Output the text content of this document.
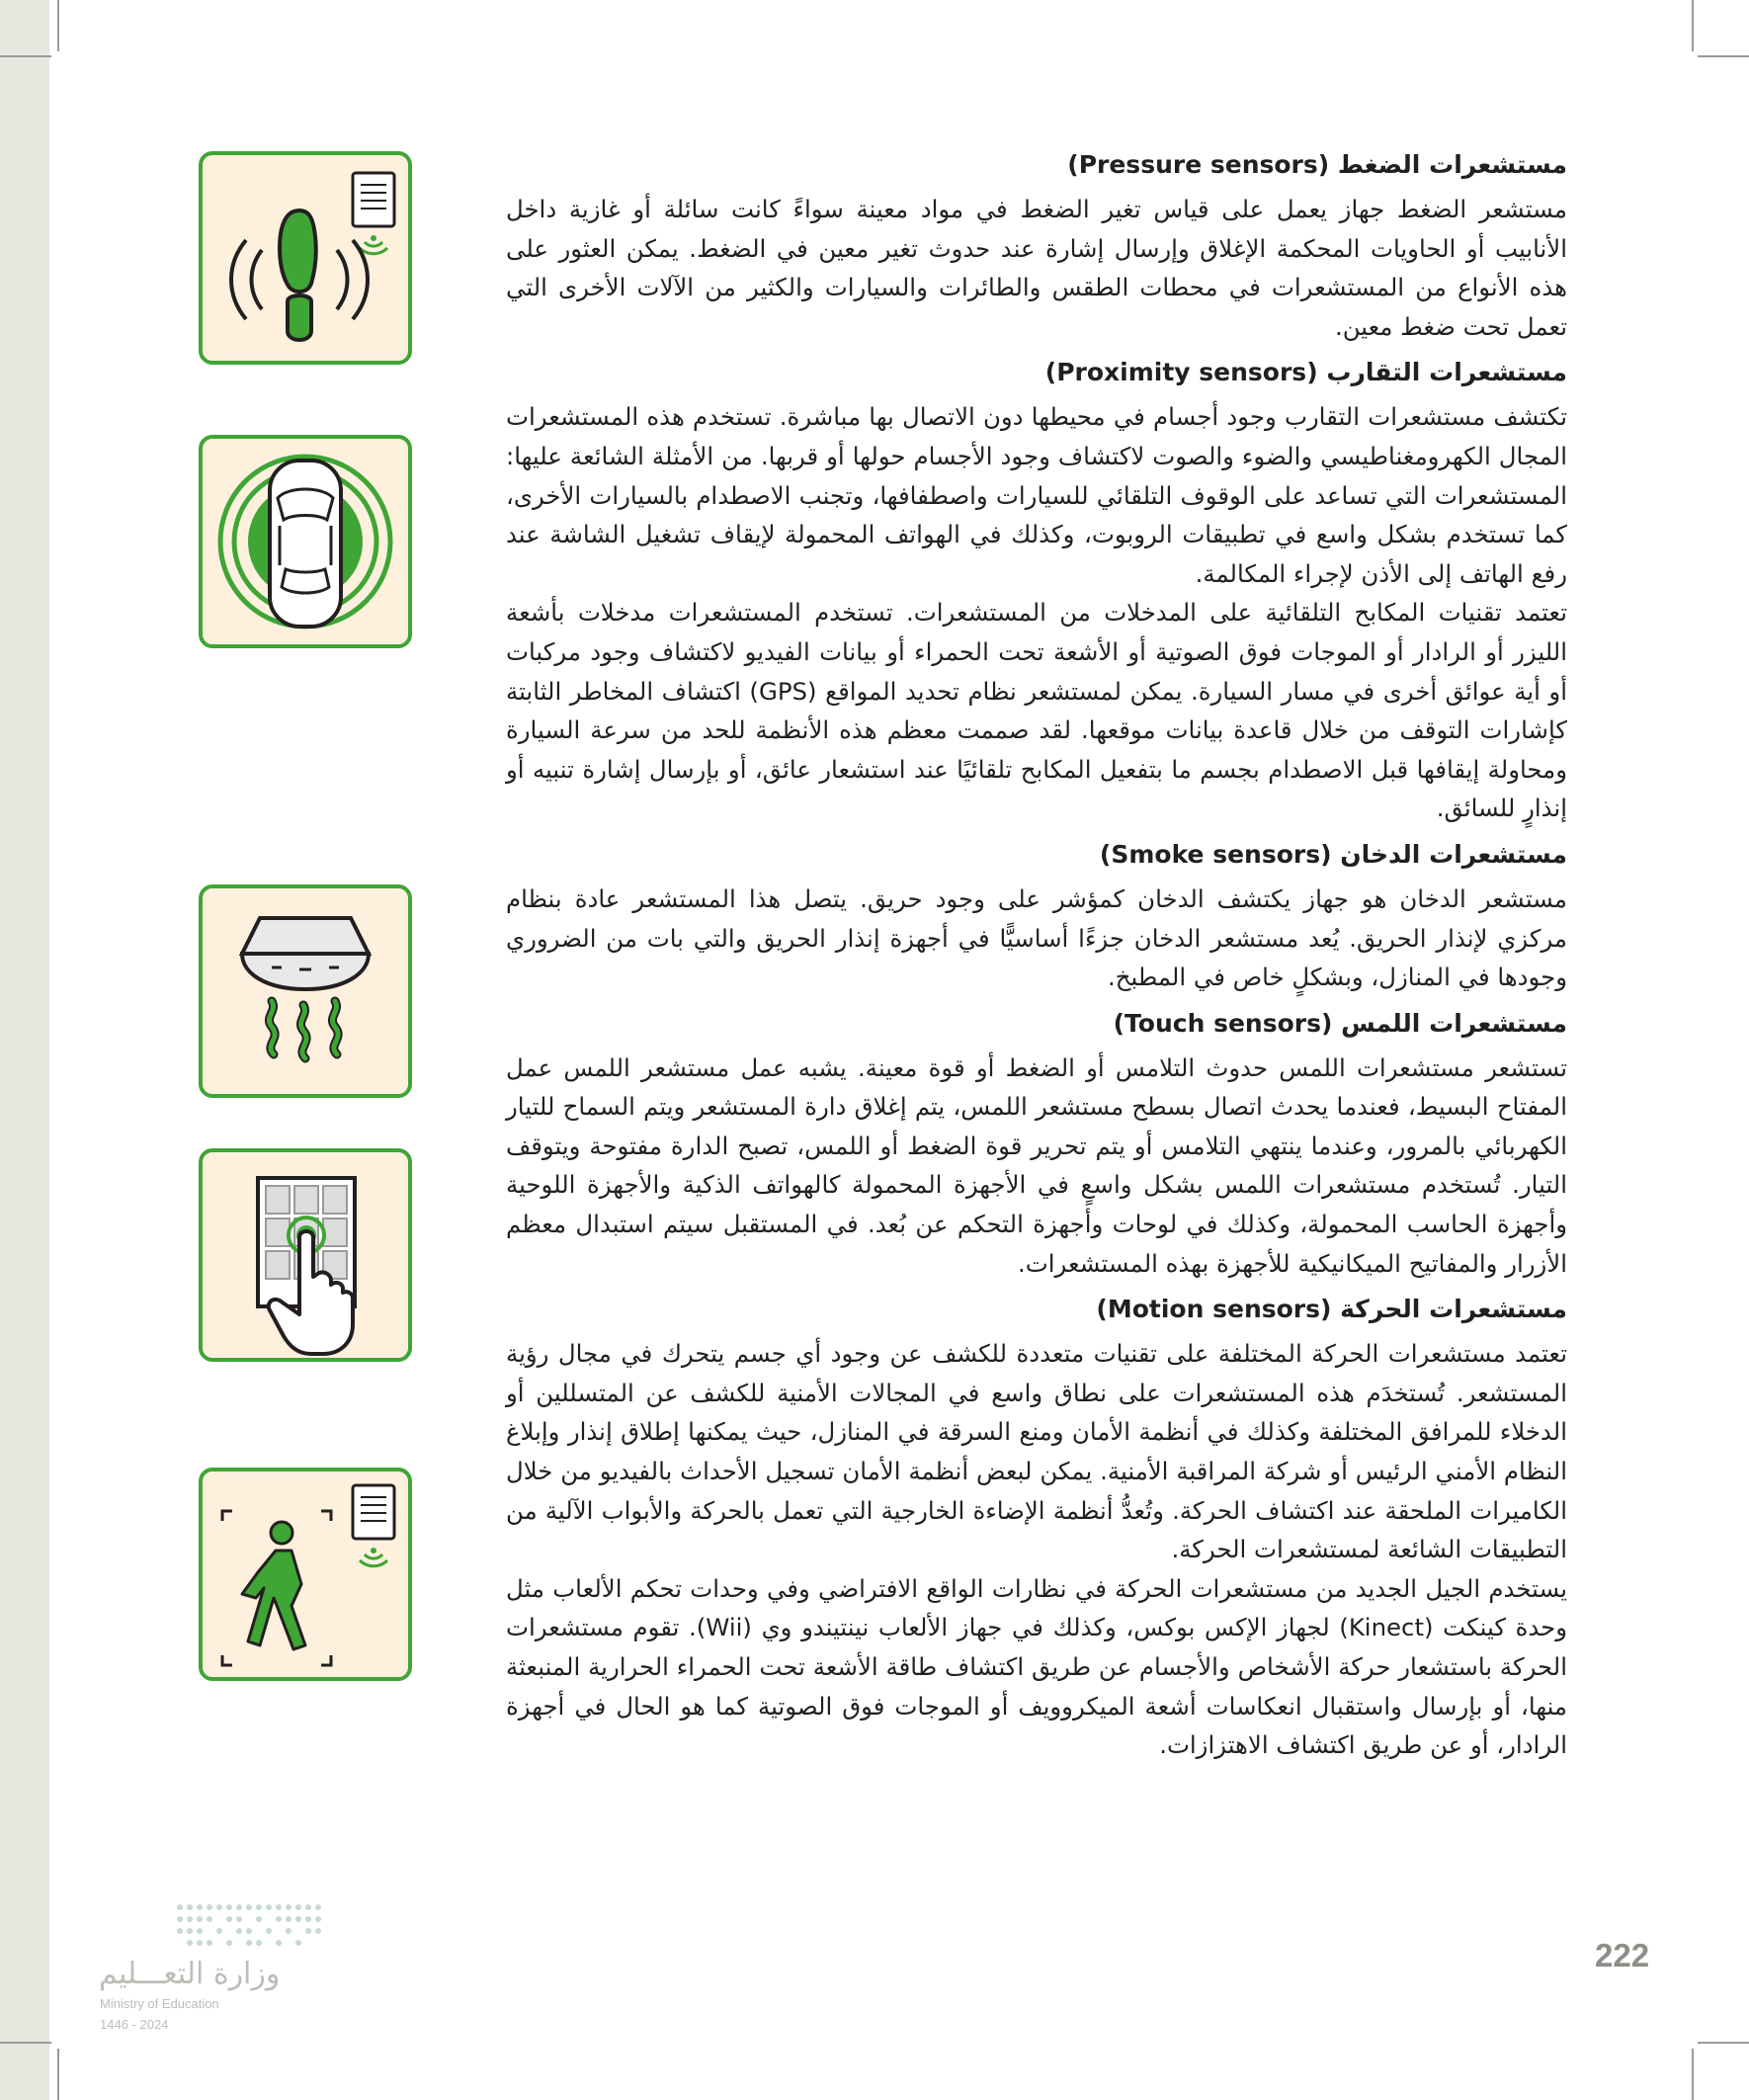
مستشعرات الضغط (Pressure sensors)

مستشعر الضغط جهاز يعمل على قياس تغير الضغط في مواد معينة سواءً كانت سائلة أو غازية داخل الأنابيب أو الحاويات المحكمة الإغلاق وإرسال إشارة عند حدوث تغير معين في الضغط. يمكن العثور على هذه الأنواع من المستشعرات في محطات الطقس والطائرات والسيارات والكثير من الآلات الأخرى التي تعمل تحت ضغط معين.

مستشعرات التقارب (Proximity sensors)

تكتشف مستشعرات التقارب وجود أجسام في محيطها دون الاتصال بها مباشرة. تستخدم هذه المستشعرات المجال الكهرومغناطيسي والضوء والصوت لاكتشاف وجود الأجسام حولها أو قربها. من الأمثلة الشائعة عليها: المستشعرات التي تساعد على الوقوف التلقائي للسيارات واصطفافها، وتجنب الاصطدام بالسيارات الأخرى، كما تستخدم بشكل واسع في تطبيقات الروبوت، وكذلك في الهواتف المحمولة لإيقاف تشغيل الشاشة عند رفع الهاتف إلى الأذن لإجراء المكالمة.

تعتمد تقنيات المكابح التلقائية على المدخلات من المستشعرات. تستخدم المستشعرات مدخلات بأشعة الليزر أو الرادار أو الموجات فوق الصوتية أو الأشعة تحت الحمراء أو بيانات الفيديو لاكتشاف وجود مركبات أو أية عوائق أخرى في مسار السيارة. يمكن لمستشعر نظام تحديد المواقع (GPS) اكتشاف المخاطر الثابتة كإشارات التوقف من خلال قاعدة بيانات موقعها. لقد صممت معظم هذه الأنظمة للحد من سرعة السيارة ومحاولة إيقافها قبل الاصطدام بجسم ما بتفعيل المكابح تلقائيًا عند استشعار عائق، أو بإرسال إشارة تنبيه أو إنذارٍ للسائق.

مستشعرات الدخان (Smoke sensors)

مستشعر الدخان هو جهاز يكتشف الدخان كمؤشر على وجود حريق. يتصل هذا المستشعر عادة بنظام مركزي لإنذار الحريق. يُعد مستشعر الدخان جزءًا أساسيًّا في أجهزة إنذار الحريق والتي بات من الضروري وجودها في المنازل، وبشكلٍ خاص في المطبخ.

مستشعرات اللمس (Touch sensors)

تستشعر مستشعرات اللمس حدوث التلامس أو الضغط أو قوة معينة. يشبه عمل مستشعر اللمس عمل المفتاح البسيط، فعندما يحدث اتصال بسطح مستشعر اللمس، يتم إغلاق دارة المستشعر ويتم السماح للتيار الكهربائي بالمرور، وعندما ينتهي التلامس أو يتم تحرير قوة الضغط أو اللمس، تصبح الدارة مفتوحة ويتوقف التيار. تُستخدم مستشعرات اللمس بشكل واسعٍ في الأجهزة المحمولة كالهواتف الذكية والأجهزة اللوحية وأجهزة الحاسب المحمولة، وكذلك في لوحات وأجهزة التحكم عن بُعد. في المستقبل سيتم استبدال معظم الأزرار والمفاتيح الميكانيكية للأجهزة بهذه المستشعرات.

مستشعرات الحركة (Motion sensors)

تعتمد مستشعرات الحركة المختلفة على تقنيات متعددة للكشف عن وجود أي جسم يتحرك في مجال رؤية المستشعر. تُستخدَم هذه المستشعرات على نطاق واسع في المجالات الأمنية للكشف عن المتسللين أو الدخلاء للمرافق المختلفة وكذلك في أنظمة الأمان ومنع السرقة في المنازل، حيث يمكنها إطلاق إنذار وإبلاغ النظام الأمني الرئيس أو شركة المراقبة الأمنية. يمكن لبعض أنظمة الأمان تسجيل الأحداث بالفيديو من خلال الكاميرات الملحقة عند اكتشاف الحركة. وتُعدُّ أنظمة الإضاءة الخارجية التي تعمل بالحركة والأبواب الآلية من التطبيقات الشائعة لمستشعرات الحركة.

يستخدم الجيل الجديد من مستشعرات الحركة في نظارات الواقع الافتراضي وفي وحدات تحكم الألعاب مثل وحدة كينكت (Kinect) لجهاز الإكس بوكس، وكذلك في جهاز الألعاب نينتيندو وي (Wii). تقوم مستشعرات الحركة باستشعار حركة الأشخاص والأجسام عن طريق اكتشاف طاقة الأشعة تحت الحمراء الحرارية المنبعثة منها، أو بإرسال واستقبال انعكاسات أشعة الميكروويف أو الموجات فوق الصوتية كما هو الحال في أجهزة الرادار، أو عن طريق اكتشاف الاهتزازات.

وزارة التعـــليم
Ministry of Education
2024 - 1446
222
